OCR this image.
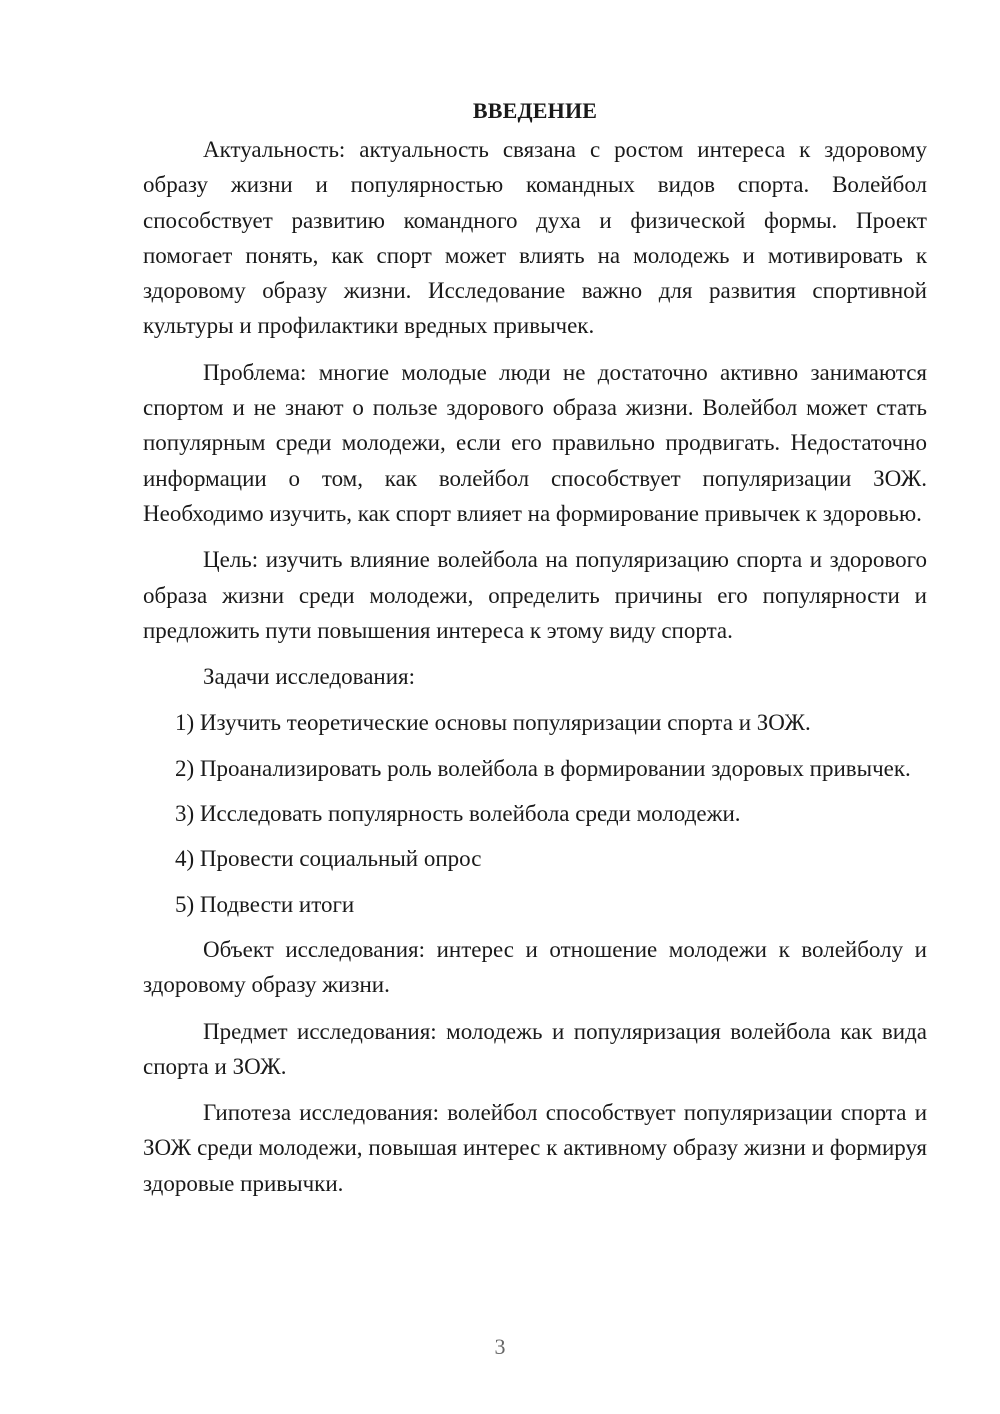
ВВЕДЕНИЕ

Актуальность: актуальность связана с ростом интереса к здоровому образу жизни и популярностью командных видов спорта. Волейбол способствует развитию командного духа и физической формы. Проект помогает понять, как спорт может влиять на молодежь и мотивировать к здоровому образу жизни. Исследование важно для развития спортивной культуры и профилактики вредных привычек.

Проблема: многие молодые люди не достаточно активно занимаются спортом и не знают о пользе здорового образа жизни. Волейбол может стать популярным среди молодежи, если его правильно продвигать. Недостаточно информации о том, как волейбол способствует популяризации ЗОЖ. Необходимо изучить, как спорт влияет на формирование привычек к здоровью.

Цель: изучить влияние волейбола на популяризацию спорта и здорового образа жизни среди молодежи, определить причины его популярности и предложить пути повышения интереса к этому виду спорта.

Задачи исследования:

1) Изучить теоретические основы популяризации спорта и ЗОЖ.

2) Проанализировать роль волейбола в формировании здоровых привычек.

3) Исследовать популярность волейбола среди молодежи.

4) Провести социальный опрос

5) Подвести итоги

Объект исследования: интерес и отношение молодежи к волейболу и здоровому образу жизни.

Предмет исследования: молодежь и популяризация волейбола как вида спорта и ЗОЖ.

Гипотеза исследования: волейбол способствует популяризации спорта и ЗОЖ среди молодежи, повышая интерес к активному образу жизни и формируя здоровые привычки.

3
